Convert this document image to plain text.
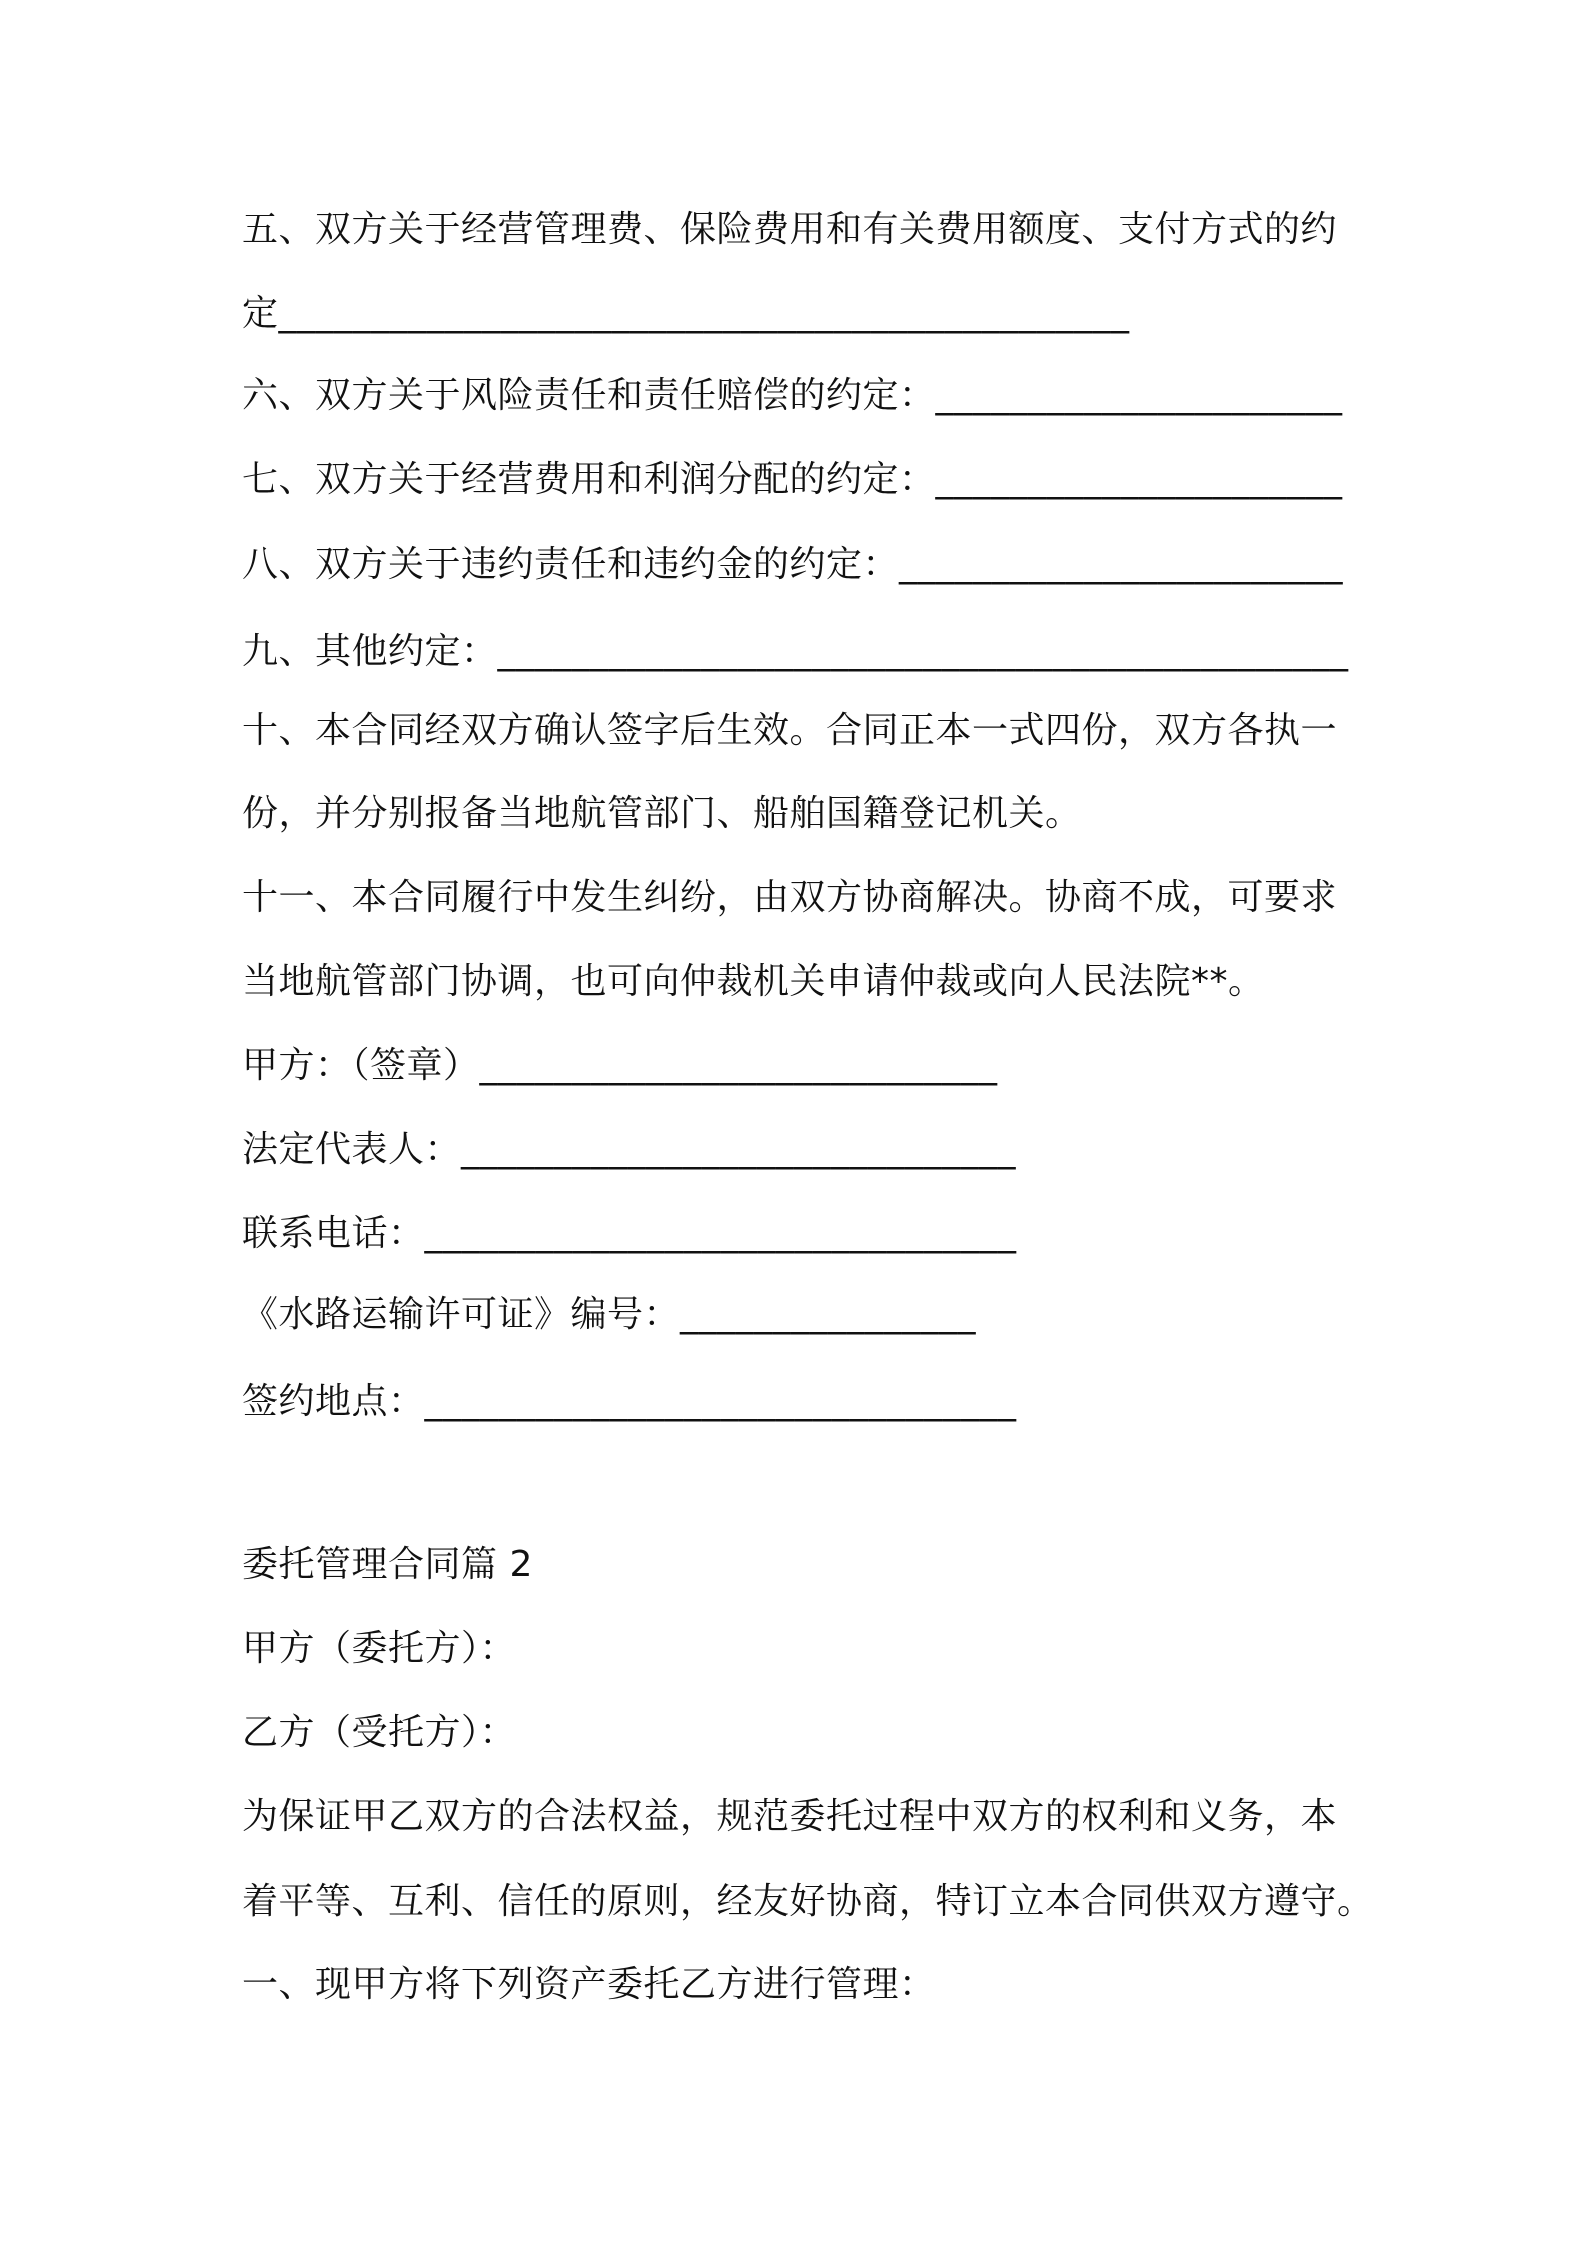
五、双方关于经营管理费、保险费用和有关费用额度、支付方式的约
定______________________________________________
六、双方关于风险责任和责任赔偿的约定：______________________
七、双方关于经营费用和利润分配的约定：______________________
八、双方关于违约责任和违约金的约定：________________________
九、其他约定：______________________________________________
十、本合同经双方确认签字后生效。合同正本一式四份，双方各执一
份，并分别报备当地航管部门、船舶国籍登记机关。
十一、本合同履行中发生纠纷，由双方协商解决。协商不成，可要求
当地航管部门协调，也可向仲裁机关申请仲裁或向人民法院**。
甲方：（签章）____________________________
法定代表人：______________________________
联系电话：________________________________
《水路运输许可证》编号：________________
签约地点：________________________________
委托管理合同篇 2
甲方（委托方）：
乙方（受托方）：
为保证甲乙双方的合法权益，规范委托过程中双方的权利和义务，本
着平等、互利、信任的原则，经友好协商，特订立本合同供双方遵守。
一、现甲方将下列资产委托乙方进行管理：
